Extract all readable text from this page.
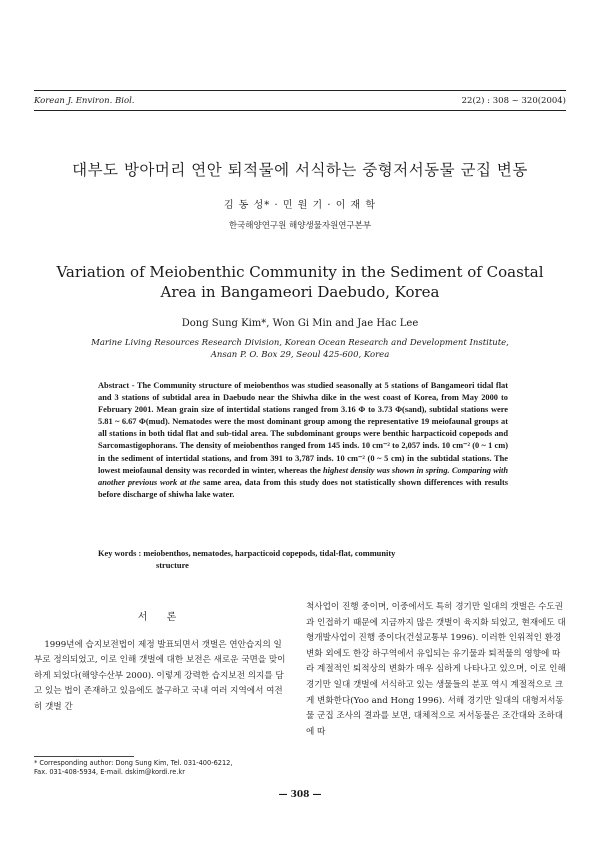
Korean J. Environ. Biol.	22(2) : 308 ~ 320(2004)
대부도 방아머리 연안 퇴적물에 서식하는 중형저서동물 군집 변동
김 동 성* · 민 원 기 · 이 재 학
한국해양연구원 해양생물자원연구본부
Variation of Meiobenthic Community in the Sediment of Coastal
Area in Bangameori Daebudo, Korea
Dong Sung Kim*, Won Gi Min and Jae Hac Lee
Marine Living Resources Research Division, Korean Ocean Research and Development Institute,
Ansan P. O. Box 29, Seoul 425-600, Korea
Abstract - The Community structure of meiobenthos was studied seasonally at 5 stations of Bangameori tidal flat and 3 stations of subtidal area in Daebudo near the Shiwha dike in the west coast of Korea, from May 2000 to February 2001. Mean grain size of intertidal stations ranged from 3.16 Φ to 3.73 Φ(sand), subtidal stations were 5.81 ~ 6.67 Φ(mud). Nematodes were the most dominant group among the representative 19 meiofaunal groups at all stations in both tidal flat and sub-tidal area. The subdominant groups were benthic harpacticoid copepods and Sarcomastigophorans. The density of meiobenthos ranged from 145 inds. 10 cm⁻² to 2,057 inds. 10 cm⁻² (0 ~ 1 cm) in the sediment of intertidal stations, and from 391 to 3,787 inds. 10 cm⁻² (0 ~ 5 cm) in the subtidal stations. The lowest meiofaunal density was recorded in winter, whereas the highest density was shown in spring. Comparing with another previous work at the same area, data from this study does not statistically shown differences with results before discharge of shiwha lake water.
Key words : meiobenthos, nematodes, harpacticoid copepods, tidal-flat, community
structure
서 론
1999년에 습지보전법이 제정 발표되면서 갯벌은 연안습지의 일부로 정의되었고, 이로 인해 갯벌에 대한 보전은 새로운 국면을 맞이하게 되었다(해양수산부 2000). 이렇게 강력한 습지보전 의지를 담고 있는 법이 존재하고 있음에도 불구하고 국내 여러 지역에서 여전히 갯벌 간
척사업이 진행 중이며, 이중에서도 특히 경기만 일대의 갯벌은 수도권과 인접하기 때문에 지금까지 많은 갯벌이 육지화 되었고, 현재에도 대형개발사업이 진행 중이다(건설교통부 1996). 이러한 인위적인 환경변화 외에도 한강 하구역에서 유입되는 유기물과 퇴적물의 영향에 따라 계절적인 퇴적상의 변화가 매우 심하게 나타나고 있으며, 이로 인해 경기만 일대 갯벌에 서식하고 있는 생물들의 분포 역시 계절적으로 크게 변화한다(Yoo and Hong 1996). 서해 경기만 일대의 대형저서동물 군집 조사의 결과를 보면, 대체적으로 저서동물은 조간대와 조하대에 따
* Corresponding author: Dong Sung Kim, Tel. 031-400-6212,
Fax. 031-408-5934, E-mail. dskim@kordi.re.kr
— 308 —
